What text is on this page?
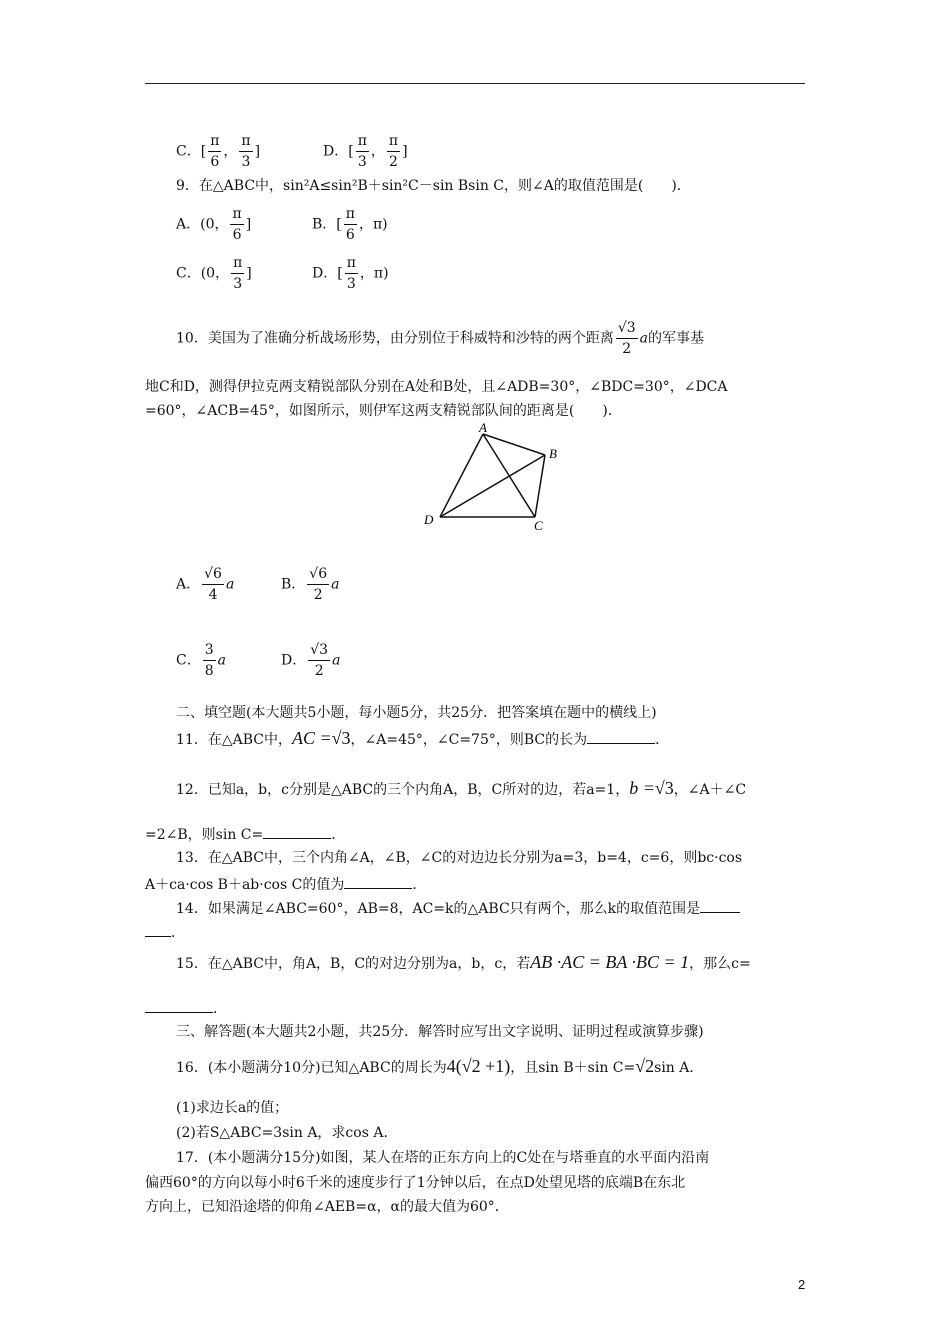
C．[ $\frac{\pi}{6}$ ， $\frac{\pi}{3}$ ]	D．[ $\frac{\pi}{3}$ ， $\frac{\pi}{2}$ ]
9．在△ABC中，sin²A≤sin²B＋sin²C－sin Bsin C，则∠A的取值范围是(　　)．
A．(0， $\frac{\pi}{6}$ ]	B．[ $\frac{\pi}{6}$ ，π)
C．(0， $\frac{\pi}{3}$ ]	D．[ $\frac{\pi}{3}$ ，π)
10．美国为了准确分析战场形势，由分别位于科威特和沙特的两个距离 $\frac{√3}{2}$ a的军事基
地C和D，测得伊拉克两支精锐部队分别在A处和B处，且∠ADB=30°，∠BDC=30°，∠DCA
=60°，∠ACB=45°，如图所示，则伊军这两支精锐部队间的距离是(　　)．
A
B
C
D
A． $\frac{√6}{4}$ a	B． $\frac{√6}{2}$ a
C． $\frac{3}{8}$ a	D． $\frac{√3}{2}$ a
二、填空题(本大题共5小题，每小题5分，共25分．把答案填在题中的横线上)
11．在△ABC中，AC =√3，∠A=45°，∠C=75°，则BC的长为	．
12．已知a，b，c分别是△ABC的三个内角A，B，C所对的边，若a=1，b =√3，∠A＋∠C
=2∠B，则sin C=	．
13．在△ABC中，三个内角∠A，∠B，∠C的对边边长分别为a=3，b=4，c=6，则bc·cos
A＋ca·cos B＋ab·cos C的值为	．
14．如果满足∠ABC=60°，AB=8，AC=k的△ABC只有两个，那么k的取值范围是
．
15．在△ABC中，角A，B，C的对边分别为a，b，c，若AB ·AC = BA ·BC = 1，那么c=
．
三、解答题(本大题共2小题，共25分．解答时应写出文字说明、证明过程或演算步骤)
16．(本小题满分10分)已知△ABC的周长为4(√2 +1)，且sin B＋sin C=√2sin A．
(1)求边长a的值；
(2)若S△ABC=3sin A，求cos A．
17．(本小题满分15分)如图，某人在塔的正东方向上的C处在与塔垂直的水平面内沿南
偏西60°的方向以每小时6千米的速度步行了1分钟以后，在点D处望见塔的底端B在东北
方向上，已知沿途塔的仰角∠AEB=α，α的最大值为60°．
2
